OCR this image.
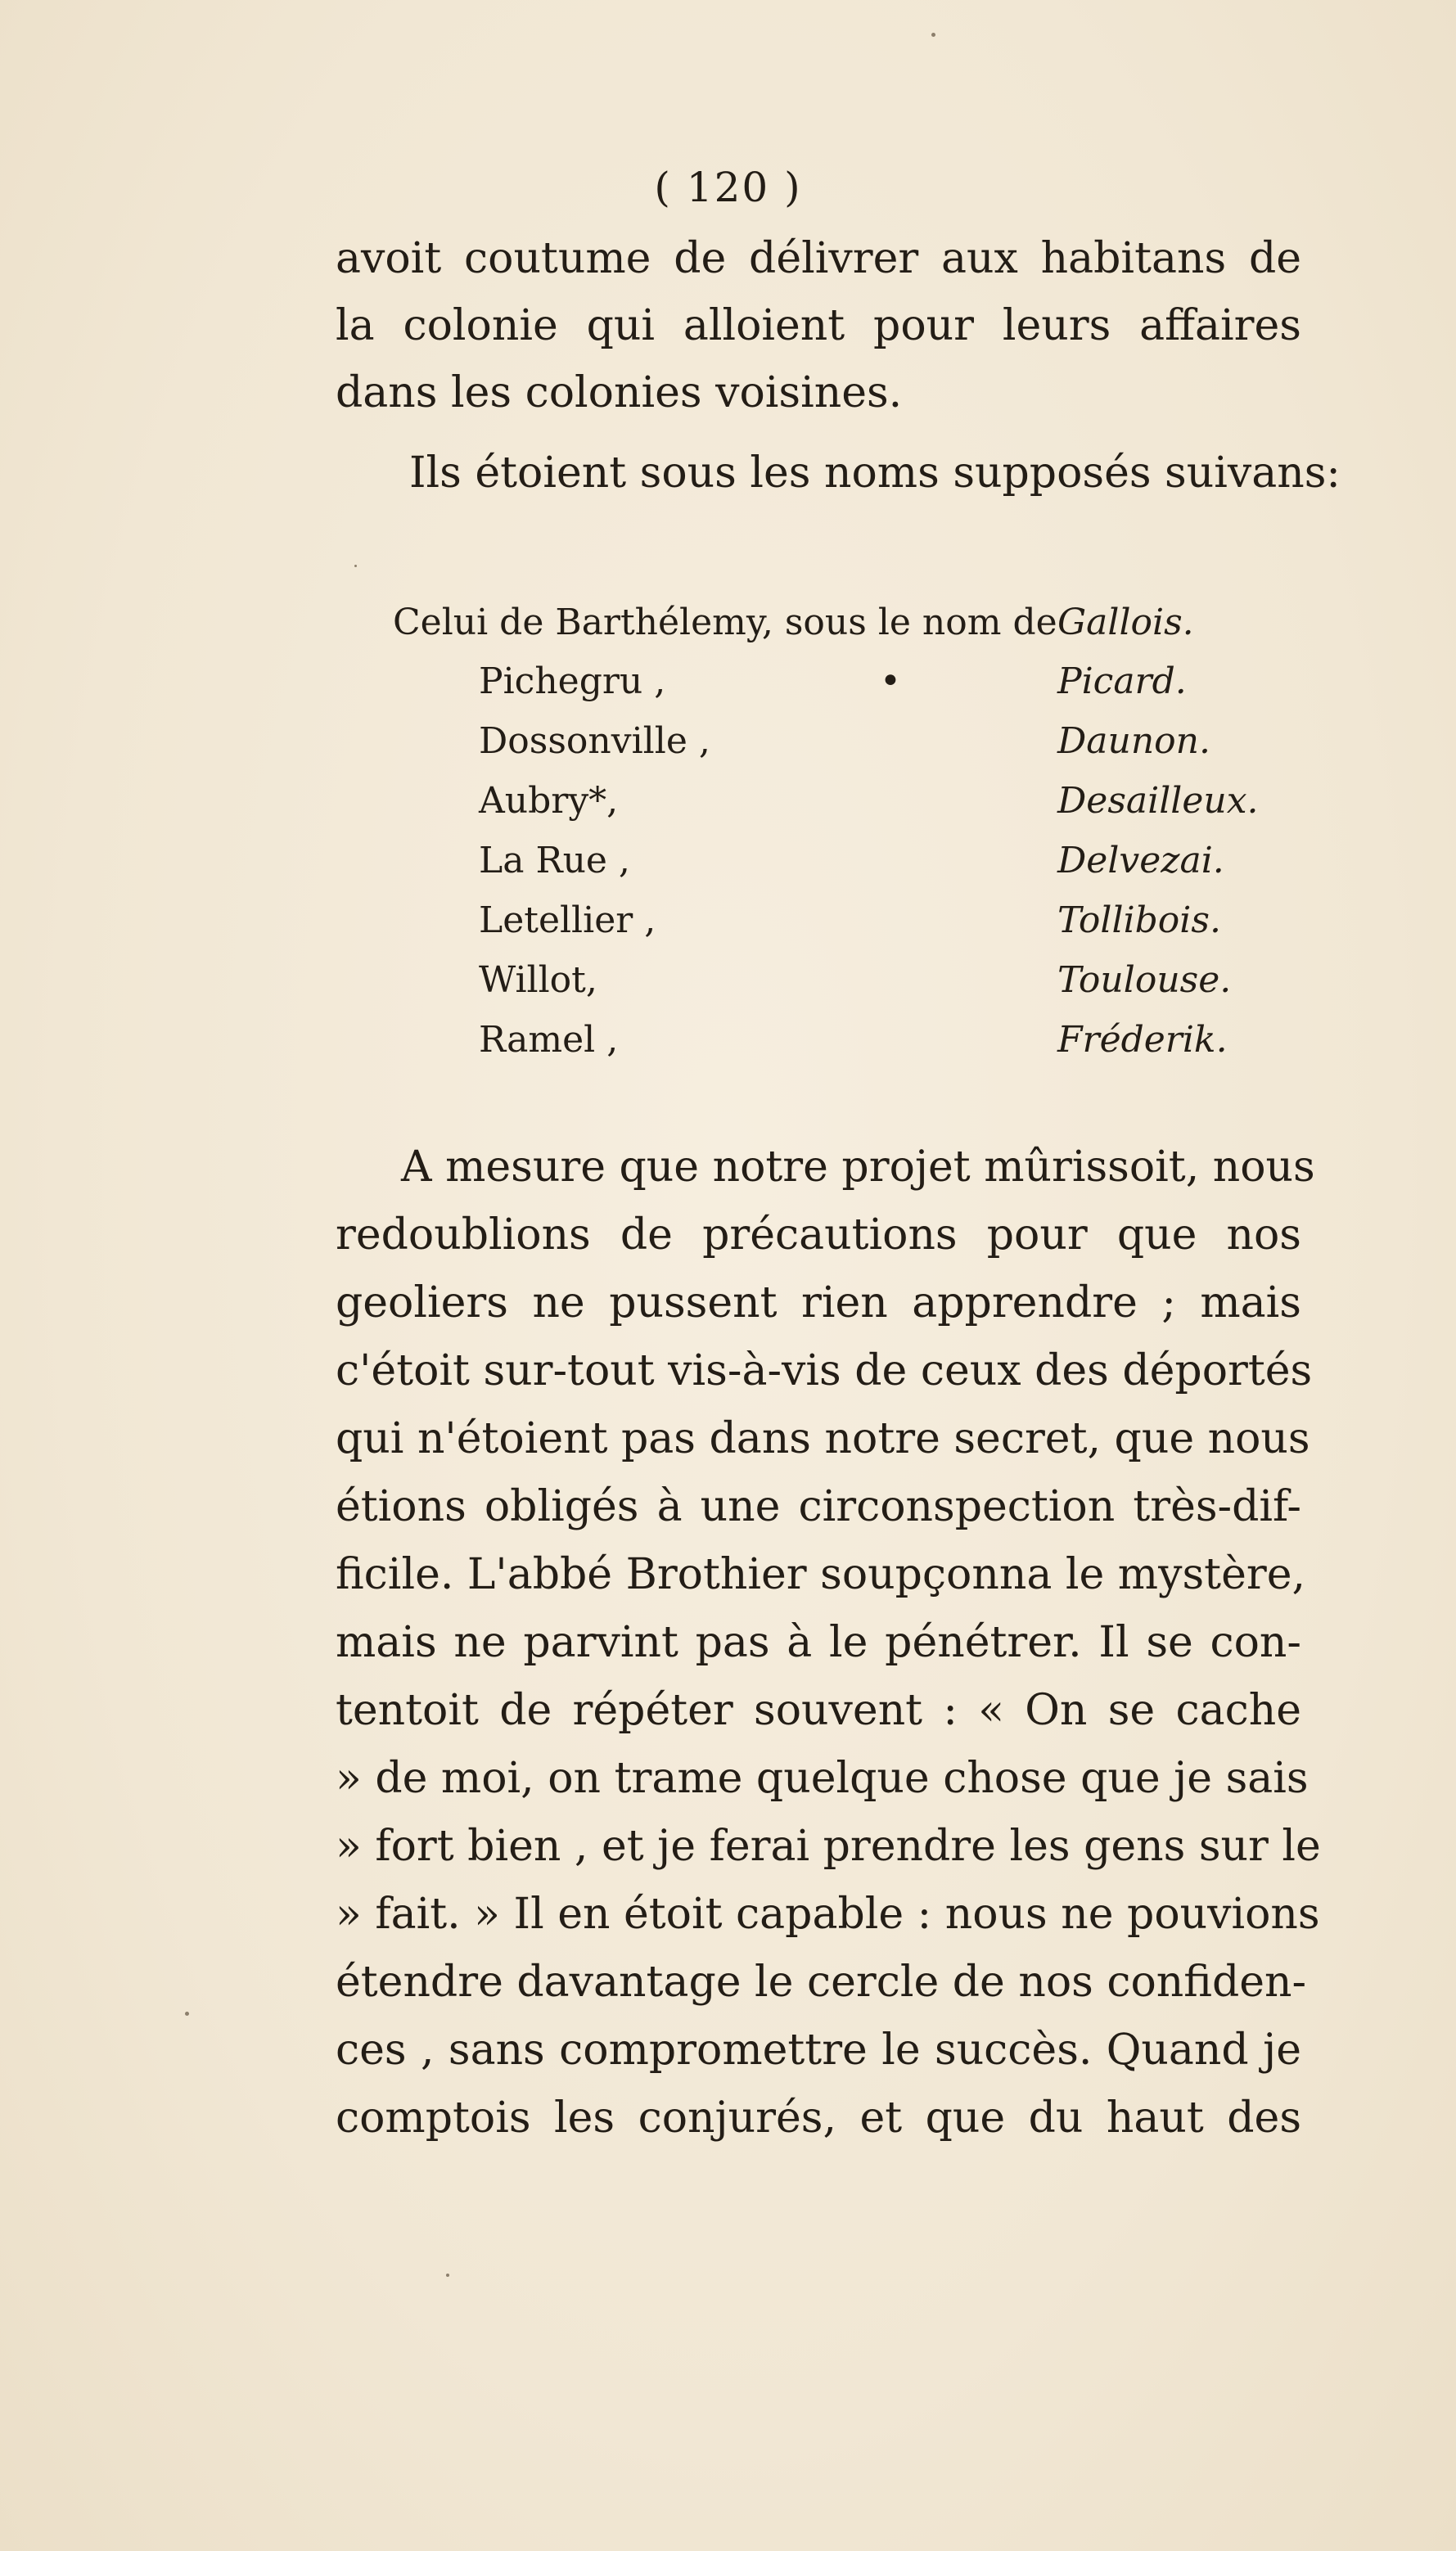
( 120 )
avoit coutume de délivrer aux habitans de
la colonie qui alloient pour leurs affaires
dans les colonies voisines.
Ils étoient sous les noms supposés suivans:
Celui de Barthélemy, sous le nom de Gallois.
Pichegru ,	•	Picard.
Dossonville ,	Daunon.
Aubry*,	Desailleux.
La Rue ,	Delvezai.
Letellier ,	Tollibois.
Willot,	Toulouse.
Ramel ,	Fréderik.
A mesure que notre projet mûrissoit, nous
redoublions de précautions pour que nos
geoliers ne pussent rien apprendre ; mais
c'étoit sur-tout vis-à-vis de ceux des déportés
qui n'étoient pas dans notre secret, que nous
étions obligés à une circonspection très-dif-
ficile. L'abbé Brothier soupçonna le mystère,
mais ne parvint pas à le pénétrer. Il se con-
tentoit de répéter souvent : « On se cache
» de moi, on trame quelque chose que je sais
» fort bien , et je ferai prendre les gens sur le
» fait. » Il en étoit capable : nous ne pouvions
étendre davantage le cercle de nos confiden-
ces , sans compromettre le succès. Quand je
comptois les conjurés, et que du haut des
